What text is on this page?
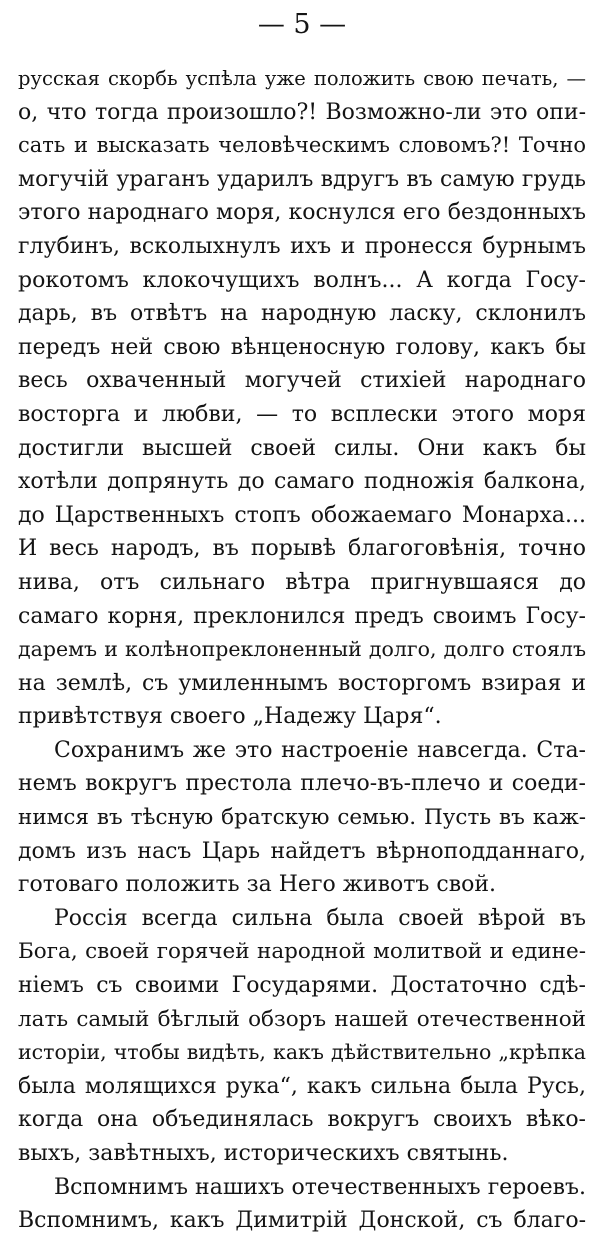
— 5 —
русская скорбь успѣла уже положить свою печать, —
о, что тогда произошло?! Возможно-ли это опи-
сать и высказать человѣческимъ словомъ?! Точно
могучій ураганъ ударилъ вдругъ въ самую грудь
этого народнаго моря, коснулся его бездонныхъ
глубинъ, всколыхнулъ ихъ и пронесся бурнымъ
рокотомъ клокочущихъ волнъ... А когда Госу-
дарь, въ отвѣтъ на народную ласку, склонилъ
передъ ней свою вѣнценосную голову, какъ бы
весь охваченный могучей стихіей народнаго
восторга и любви, — то всплески этого моря
достигли высшей своей силы. Они какъ бы
хотѣли допрянуть до самаго подножія балкона,
до Царственныхъ стопъ обожаемаго Монарха...
И весь народъ, въ порывѣ благоговѣнія, точно
нива, отъ сильнаго вѣтра пригнувшаяся до
самаго корня, преклонился предъ своимъ Госу-
даремъ и колѣнопреклоненный долго, долго стоялъ
на землѣ, съ умиленнымъ восторгомъ взирая и
привѣтствуя своего „Надежу Царя“.
Сохранимъ же это настроеніе навсегда. Ста-
немъ вокругъ престола плечо-въ-плечо и соеди-
нимся въ тѣсную братскую семью. Пусть въ каж-
домъ изъ насъ Царь найдетъ вѣрноподданнаго,
готоваго положить за Него животъ свой.
Россія всегда сильна была своей вѣрой въ
Бога, своей горячей народной молитвой и едине-
ніемъ съ своими Государями. Достаточно сдѣ-
лать самый бѣглый обзоръ нашей отечественной
исторіи, чтобы видѣть, какъ дѣйствительно „крѣпка
была молящихся рука“, какъ сильна была Русь,
когда она объединялась вокругъ своихъ вѣко-
выхъ, завѣтныхъ, историческихъ святынь.
Вспомнимъ нашихъ отечественныхъ героевъ.
Вспомнимъ, какъ Димитрій Донской, съ благо-
